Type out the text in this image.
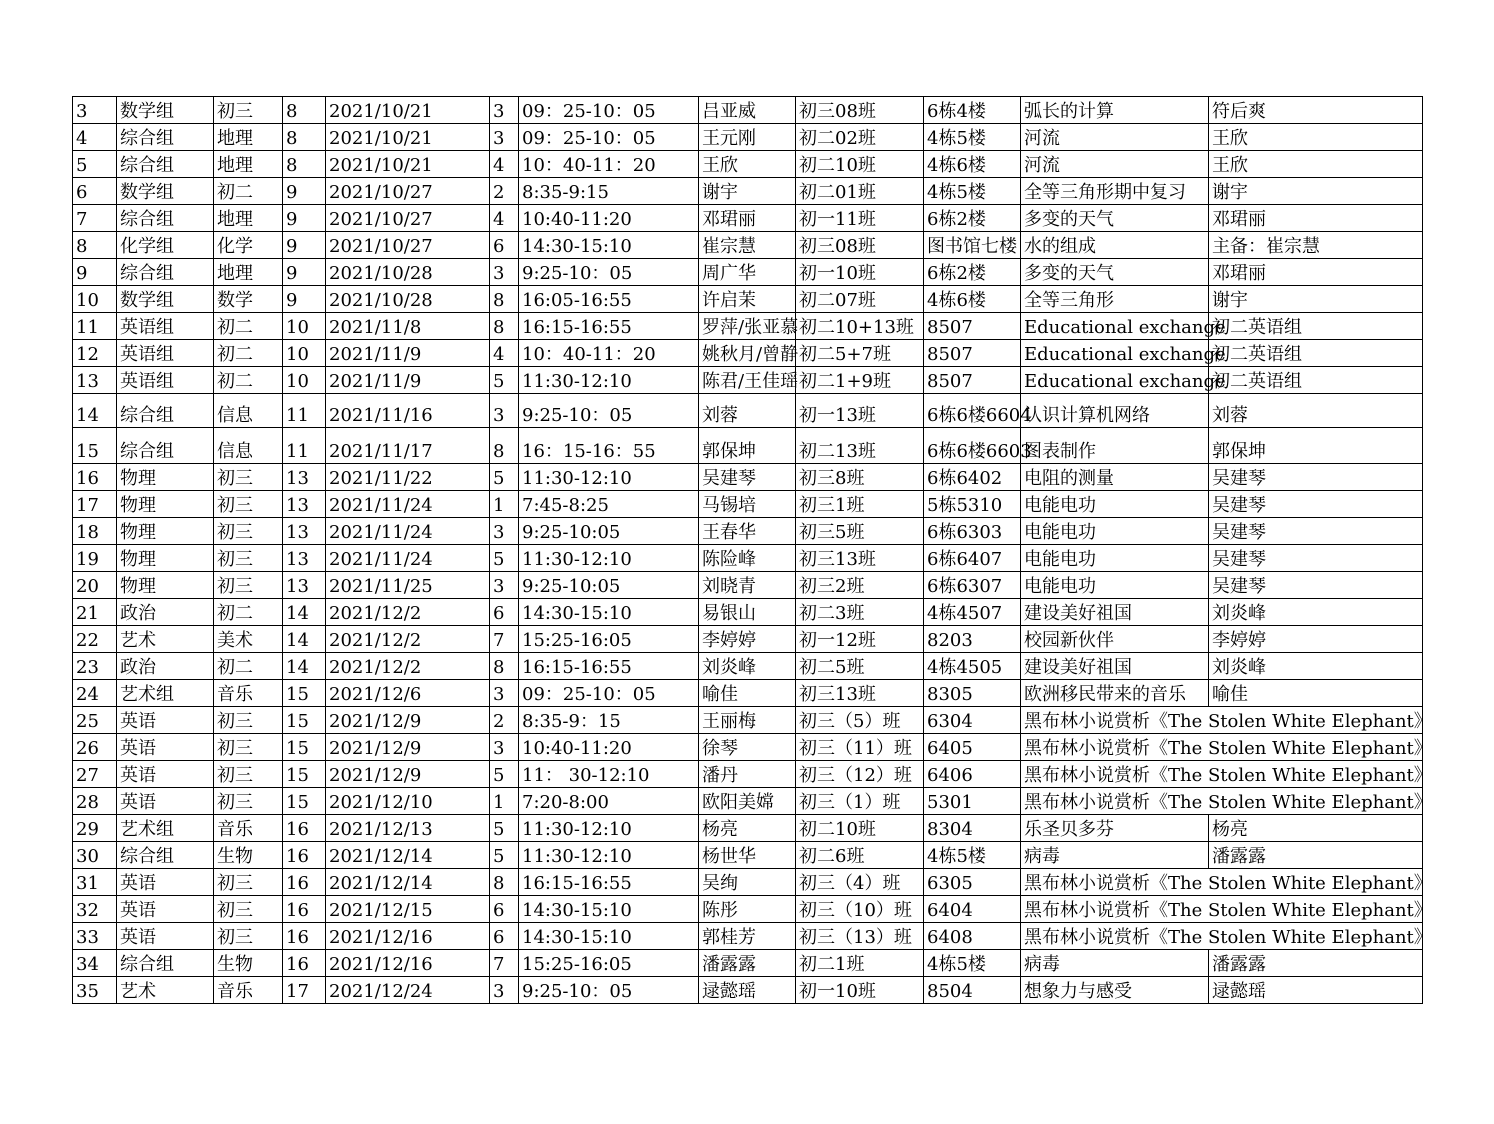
3	数学组	初三	8	2021/10/21	3	09：25-10：05	吕亚威	初三08班	6栋4楼	弧长的计算	符后爽
4	综合组	地理	8	2021/10/21	3	09：25-10：05	王元刚	初二02班	4栋5楼	河流	王欣
5	综合组	地理	8	2021/10/21	4	10：40-11：20	王欣	初二10班	4栋6楼	河流	王欣
6	数学组	初二	9	2021/10/27	2	8:35-9:15	谢宇	初二01班	4栋5楼	全等三角形期中复习	谢宇
7	综合组	地理	9	2021/10/27	4	10:40-11:20	邓珺丽	初一11班	6栋2楼	多变的天气	邓珺丽
8	化学组	化学	9	2021/10/27	6	14:30-15:10	崔宗慧	初三08班	图书馆七楼	水的组成	主备：崔宗慧
9	综合组	地理	9	2021/10/28	3	9:25-10：05	周广华	初一10班	6栋2楼	多变的天气	邓珺丽
10	数学组	数学	9	2021/10/28	8	16:05-16:55	许启茉	初二07班	4栋6楼	全等三角形	谢宇
11	英语组	初二	10	2021/11/8	8	16:15-16:55	罗萍/张亚慕	初二10+13班	8507	Educational exchange	初二英语组
12	英语组	初二	10	2021/11/9	4	10：40-11：20	姚秋月/曾静	初二5+7班	8507	Educational exchange	初二英语组
13	英语组	初二	10	2021/11/9	5	11:30-12:10	陈君/王佳瑶	初二1+9班	8507	Educational exchange	初二英语组
14	综合组	信息	11	2021/11/16	3	9:25-10：05	刘蓉	初一13班	6栋6楼6604	认识计算机网络	刘蓉
15	综合组	信息	11	2021/11/17	8	16：15-16：55	郭保坤	初二13班	6栋6楼6603	图表制作	郭保坤
16	物理	初三	13	2021/11/22	5	11:30-12:10	吴建琴	初三8班	6栋6402	电阻的测量	吴建琴
17	物理	初三	13	2021/11/24	1	7:45-8:25	马锡培	初三1班	5栋5310	电能电功	吴建琴
18	物理	初三	13	2021/11/24	3	9:25-10:05	王春华	初三5班	6栋6303	电能电功	吴建琴
19	物理	初三	13	2021/11/24	5	11:30-12:10	陈险峰	初三13班	6栋6407	电能电功	吴建琴
20	物理	初三	13	2021/11/25	3	9:25-10:05	刘晓青	初三2班	6栋6307	电能电功	吴建琴
21	政治	初二	14	2021/12/2	6	14:30-15:10	易银山	初二3班	4栋4507	建设美好祖国	刘炎峰
22	艺术	美术	14	2021/12/2	7	15:25-16:05	李婷婷	初一12班	8203	校园新伙伴	李婷婷
23	政治	初二	14	2021/12/2	8	16:15-16:55	刘炎峰	初二5班	4栋4505	建设美好祖国	刘炎峰
24	艺术组	音乐	15	2021/12/6	3	09：25-10：05	喻佳	初三13班	8305	欧洲移民带来的音乐	喻佳
25	英语	初三	15	2021/12/9	2	8:35-9：15	王丽梅	初三（5）班	6304	黑布林小说赏析《The Stolen White Elephant》	
26	英语	初三	15	2021/12/9	3	10:40-11:20	徐琴	初三（11）班	6405	黑布林小说赏析《The Stolen White Elephant》	
27	英语	初三	15	2021/12/9	5	11： 30-12:10	潘丹	初三（12）班	6406	黑布林小说赏析《The Stolen White Elephant》	
28	英语	初三	15	2021/12/10	1	7:20-8:00	欧阳美嫦	初三（1）班	5301	黑布林小说赏析《The Stolen White Elephant》	
29	艺术组	音乐	16	2021/12/13	5	11:30-12:10	杨亮	初二10班	8304	乐圣贝多芬	杨亮
30	综合组	生物	16	2021/12/14	5	11:30-12:10	杨世华	初二6班	4栋5楼	病毒	潘露露
31	英语	初三	16	2021/12/14	8	16:15-16:55	吴绚	初三（4）班	6305	黑布林小说赏析《The Stolen White Elephant》	
32	英语	初三	16	2021/12/15	6	14:30-15:10	陈彤	初三（10）班	6404	黑布林小说赏析《The Stolen White Elephant》	
33	英语	初三	16	2021/12/16	6	14:30-15:10	郭桂芳	初三（13）班	6408	黑布林小说赏析《The Stolen White Elephant》	
34	综合组	生物	16	2021/12/16	7	15:25-16:05	潘露露	初二1班	4栋5楼	病毒	潘露露
35	艺术	音乐	17	2021/12/24	3	9:25-10：05	逯懿瑶	初一10班	8504	想象力与感受	逯懿瑶
